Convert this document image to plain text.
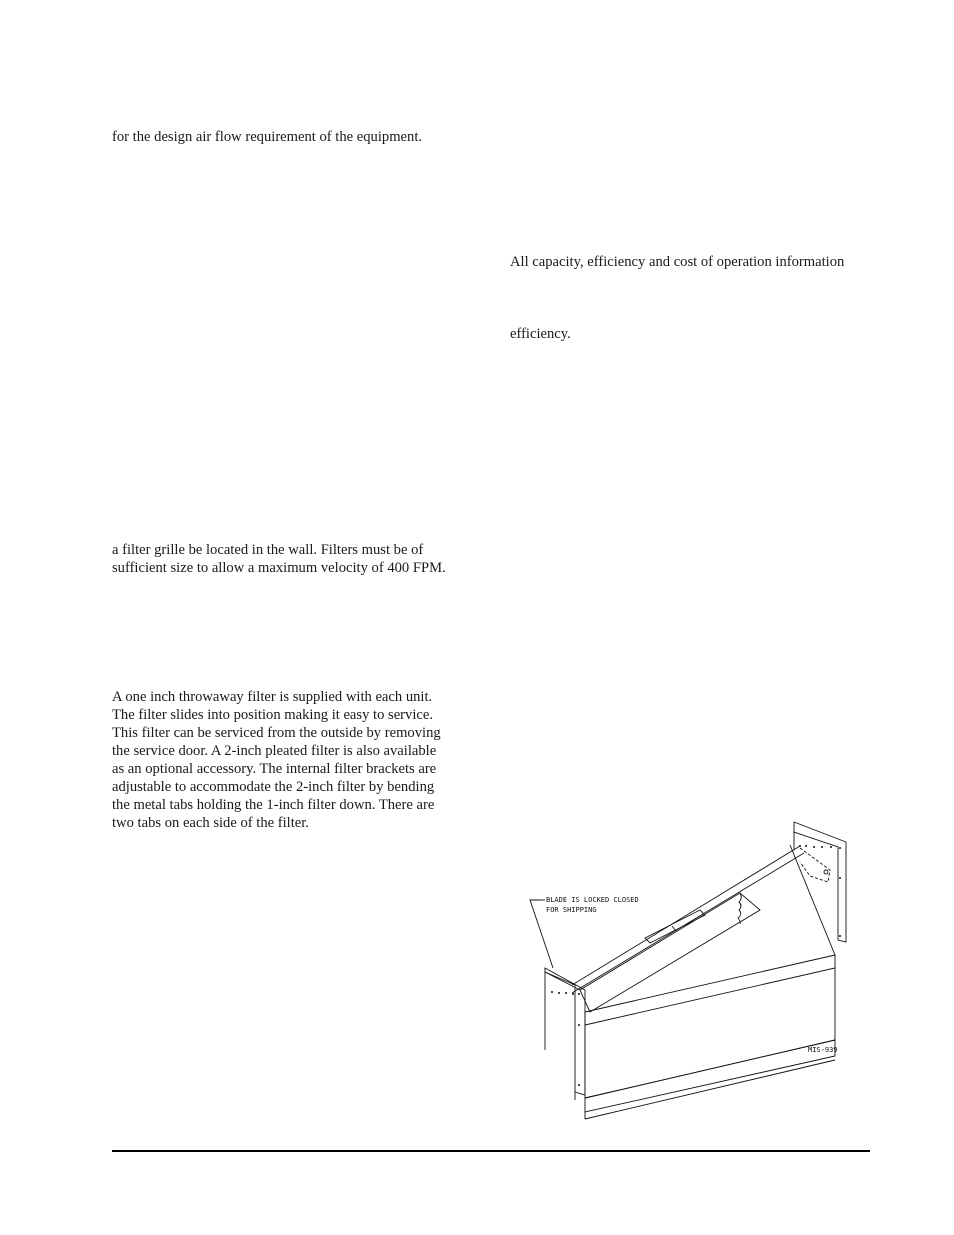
for the design air flow requirement of the equipment.
a filter grille be located in the wall. Filters must be of
sufficient size to allow a maximum velocity of 400 FPM.
A one inch throwaway filter is supplied with each unit.
The filter slides into position making it easy to service.
This filter can be serviced from the outside by removing
the service door. A 2-inch pleated filter is also available
as an optional accessory. The internal filter brackets are
adjustable to accommodate the 2-inch filter by bending
the metal tabs holding the 1-inch filter down. There are
two tabs on each side of the filter.
All capacity, efficiency and cost of operation information
efficiency.
BLADE IS LOCKED CLOSED
FOR SHIPPING
MIS-939
